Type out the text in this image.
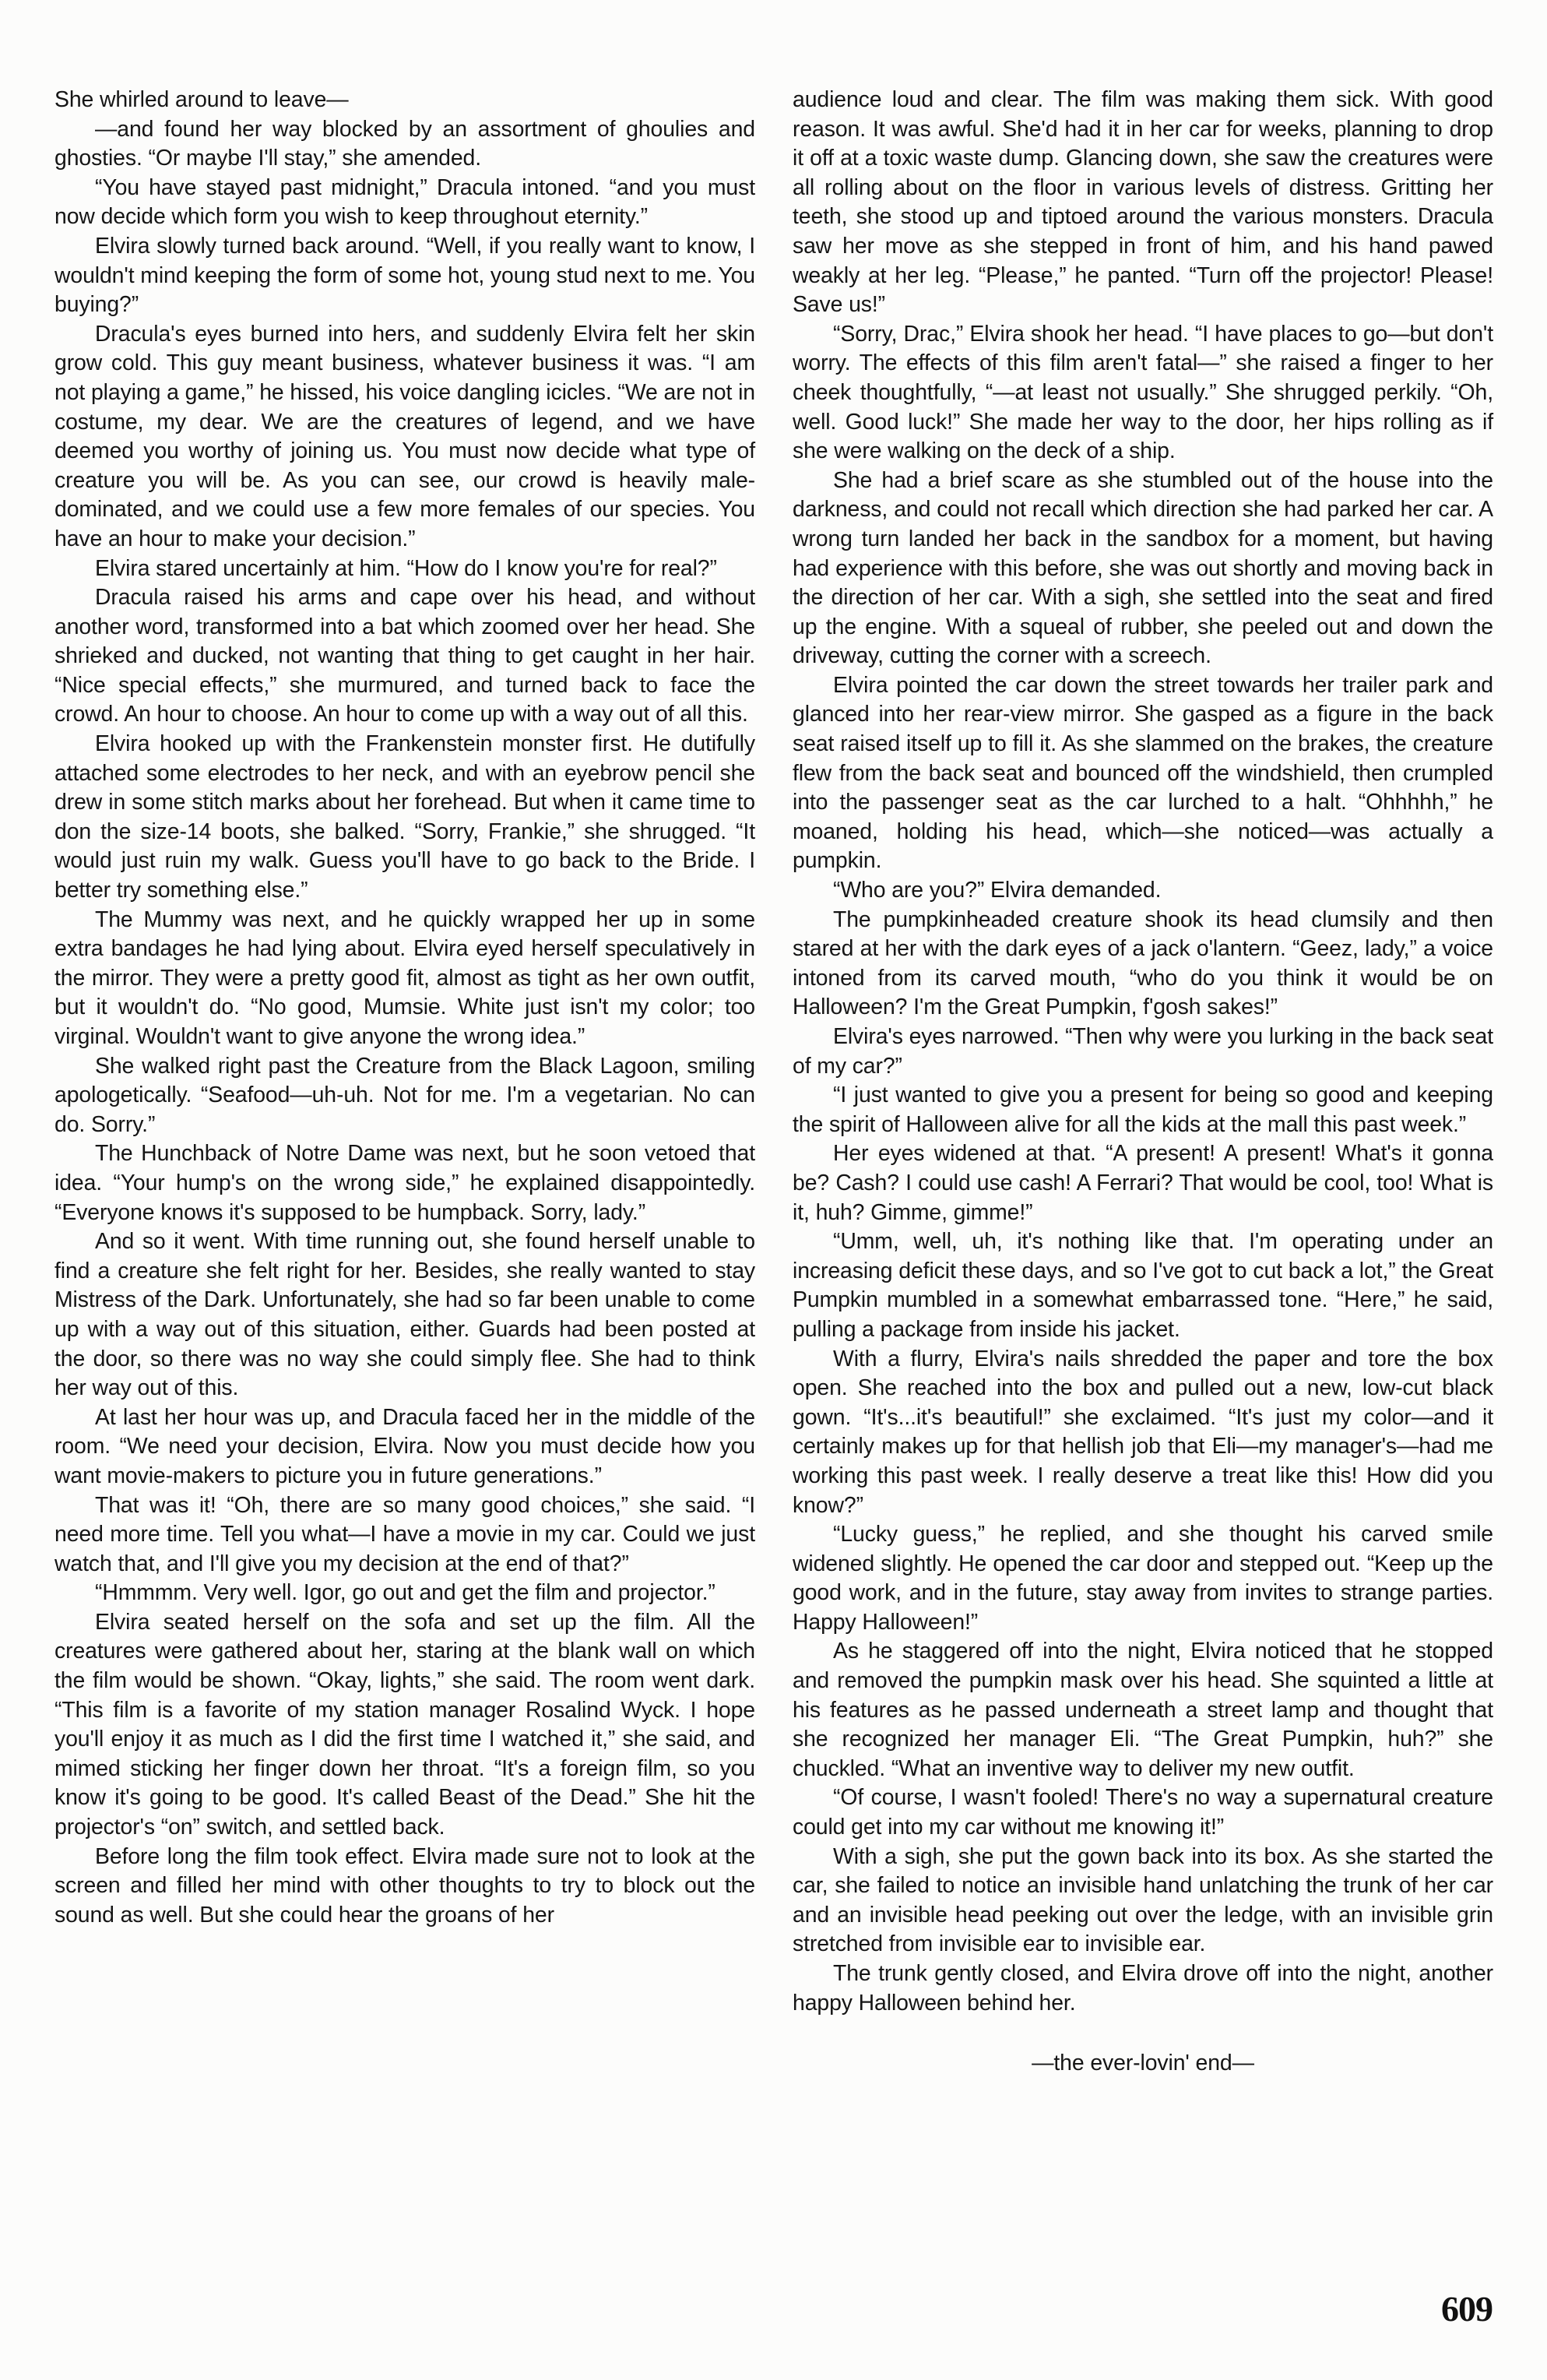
She whirled around to leave—

—and found her way blocked by an assortment of ghoulies and ghosties. “Or maybe I'll stay,” she amended.

“You have stayed past midnight,” Dracula intoned. “and you must now decide which form you wish to keep throughout eternity.”

Elvira slowly turned back around. “Well, if you really want to know, I wouldn't mind keeping the form of some hot, young stud next to me. You buying?”

Dracula's eyes burned into hers, and suddenly Elvira felt her skin grow cold. This guy meant business, whatever business it was. “I am not playing a game,” he hissed, his voice dangling icicles. “We are not in costume, my dear. We are the creatures of legend, and we have deemed you worthy of joining us. You must now decide what type of creature you will be. As you can see, our crowd is heavily male-dominated, and we could use a few more females of our species. You have an hour to make your decision.”

Elvira stared uncertainly at him. “How do I know you're for real?”

Dracula raised his arms and cape over his head, and without another word, transformed into a bat which zoomed over her head. She shrieked and ducked, not wanting that thing to get caught in her hair. “Nice special effects,” she murmured, and turned back to face the crowd. An hour to choose. An hour to come up with a way out of all this.

Elvira hooked up with the Frankenstein monster first. He dutifully attached some electrodes to her neck, and with an eyebrow pencil she drew in some stitch marks about her forehead. But when it came time to don the size-14 boots, she balked. “Sorry, Frankie,” she shrugged. “It would just ruin my walk. Guess you'll have to go back to the Bride. I better try something else.”

The Mummy was next, and he quickly wrapped her up in some extra bandages he had lying about. Elvira eyed herself speculatively in the mirror. They were a pretty good fit, almost as tight as her own outfit, but it wouldn't do. “No good, Mumsie. White just isn't my color; too virginal. Wouldn't want to give anyone the wrong idea.”

She walked right past the Creature from the Black Lagoon, smiling apologetically. “Seafood—uh-uh. Not for me. I'm a vegetarian. No can do. Sorry.”

The Hunchback of Notre Dame was next, but he soon vetoed that idea. “Your hump's on the wrong side,” he explained disappointedly. “Everyone knows it's supposed to be humpback. Sorry, lady.”

And so it went. With time running out, she found herself unable to find a creature she felt right for her. Besides, she really wanted to stay Mistress of the Dark. Unfortunately, she had so far been unable to come up with a way out of this situation, either. Guards had been posted at the door, so there was no way she could simply flee. She had to think her way out of this.

At last her hour was up, and Dracula faced her in the middle of the room. “We need your decision, Elvira. Now you must decide how you want movie-makers to picture you in future generations.”

That was it! “Oh, there are so many good choices,” she said. “I need more time. Tell you what—I have a movie in my car. Could we just watch that, and I'll give you my decision at the end of that?”

“Hmmmm. Very well. Igor, go out and get the film and projector.”

Elvira seated herself on the sofa and set up the film. All the creatures were gathered about her, staring at the blank wall on which the film would be shown. “Okay, lights,” she said. The room went dark. “This film is a favorite of my station manager Rosalind Wyck. I hope you'll enjoy it as much as I did the first time I watched it,” she said, and mimed sticking her finger down her throat. “It's a foreign film, so you know it's going to be good. It's called Beast of the Dead.” She hit the projector's “on” switch, and settled back.

Before long the film took effect. Elvira made sure not to look at the screen and filled her mind with other thoughts to try to block out the sound as well. But she could hear the groans of her

audience loud and clear. The film was making them sick. With good reason. It was awful. She'd had it in her car for weeks, planning to drop it off at a toxic waste dump. Glancing down, she saw the creatures were all rolling about on the floor in various levels of distress. Gritting her teeth, she stood up and tiptoed around the various monsters. Dracula saw her move as she stepped in front of him, and his hand pawed weakly at her leg. “Please,” he panted. “Turn off the projector! Please! Save us!”

“Sorry, Drac,” Elvira shook her head. “I have places to go—but don't worry. The effects of this film aren't fatal—” she raised a finger to her cheek thoughtfully, “—at least not usually.” She shrugged perkily. “Oh, well. Good luck!” She made her way to the door, her hips rolling as if she were walking on the deck of a ship.

She had a brief scare as she stumbled out of the house into the darkness, and could not recall which direction she had parked her car. A wrong turn landed her back in the sandbox for a moment, but having had experience with this before, she was out shortly and moving back in the direction of her car. With a sigh, she settled into the seat and fired up the engine. With a squeal of rubber, she peeled out and down the driveway, cutting the corner with a screech.

Elvira pointed the car down the street towards her trailer park and glanced into her rear-view mirror. She gasped as a figure in the back seat raised itself up to fill it. As she slammed on the brakes, the creature flew from the back seat and bounced off the windshield, then crumpled into the passenger seat as the car lurched to a halt. “Ohhhhh,” he moaned, holding his head, which—she noticed—was actually a pumpkin.

“Who are you?” Elvira demanded.

The pumpkinheaded creature shook its head clumsily and then stared at her with the dark eyes of a jack o'lantern. “Geez, lady,” a voice intoned from its carved mouth, “who do you think it would be on Halloween? I'm the Great Pumpkin, f'gosh sakes!”

Elvira's eyes narrowed. “Then why were you lurking in the back seat of my car?”

“I just wanted to give you a present for being so good and keeping the spirit of Halloween alive for all the kids at the mall this past week.”

Her eyes widened at that. “A present! A present! What's it gonna be? Cash? I could use cash! A Ferrari? That would be cool, too! What is it, huh? Gimme, gimme!”

“Umm, well, uh, it's nothing like that. I'm operating under an increasing deficit these days, and so I've got to cut back a lot,” the Great Pumpkin mumbled in a somewhat embarrassed tone. “Here,” he said, pulling a package from inside his jacket.

With a flurry, Elvira's nails shredded the paper and tore the box open. She reached into the box and pulled out a new, low-cut black gown. “It's...it's beautiful!” she exclaimed. “It's just my color—and it certainly makes up for that hellish job that Eli—my manager's—had me working this past week. I really deserve a treat like this! How did you know?”

“Lucky guess,” he replied, and she thought his carved smile widened slightly. He opened the car door and stepped out. “Keep up the good work, and in the future, stay away from invites to strange parties. Happy Halloween!”

As he staggered off into the night, Elvira noticed that he stopped and removed the pumpkin mask over his head. She squinted a little at his features as he passed underneath a street lamp and thought that she recognized her manager Eli. “The Great Pumpkin, huh?” she chuckled. “What an inventive way to deliver my new outfit.

“Of course, I wasn't fooled! There's no way a supernatural creature could get into my car without me knowing it!”

With a sigh, she put the gown back into its box. As she started the car, she failed to notice an invisible hand unlatching the trunk of her car and an invisible head peeking out over the ledge, with an invisible grin stretched from invisible ear to invisible ear.

The trunk gently closed, and Elvira drove off into the night, another happy Halloween behind her.

—the ever-lovin' end—

609
